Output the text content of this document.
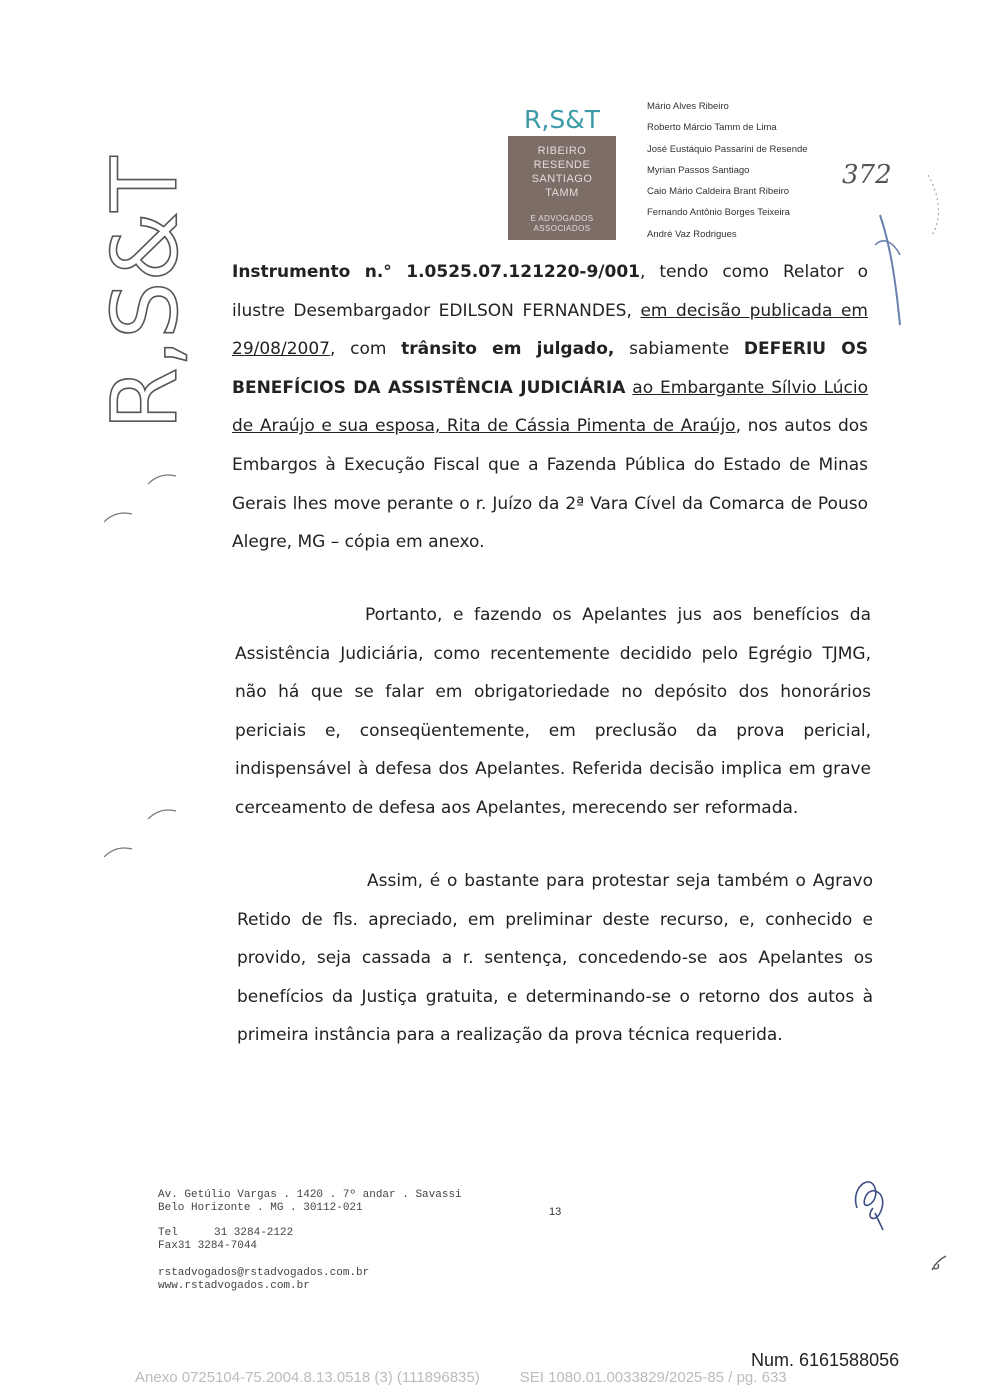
R,S&T
R,S&T
RIBEIRO
RESENDE
SANTIAGO
TAMM
E ADVOGADOS
ASSOCIADOS
Mário Alves Ribeiro
Roberto Márcio Tamm de Lima
José Eustáquio Passarini de Resende
Myrian Passos Santiago
Caio Mário Caldeira Brant Ribeiro
Fernando Antônio Borges Teixeira
André Vaz Rodrigues
372
Instrumento n.° 1.0525.07.121220-9/001, tendo como Relator o ilustre Desembargador EDILSON FERNANDES, em decisão publicada em 29/08/2007, com trânsito em julgado, sabiamente DEFERIU OS BENEFÍCIOS DA ASSISTÊNCIA JUDICIÁRIA ao Embargante Sílvio Lúcio de Araújo e sua esposa, Rita de Cássia Pimenta de Araújo, nos autos dos Embargos à Execução Fiscal que a Fazenda Pública do Estado de Minas Gerais lhes move perante o r. Juízo da 2ª Vara Cível da Comarca de Pouso Alegre, MG – cópia em anexo.
Portanto, e fazendo os Apelantes jus aos benefícios da Assistência Judiciária, como recentemente decidido pelo Egrégio TJMG, não há que se falar em obrigatoriedade no depósito dos honorários periciais e, conseqüentemente, em preclusão da prova pericial, indispensável à defesa dos Apelantes. Referida decisão implica em grave cerceamento de defesa aos Apelantes, merecendo ser reformada.
Assim, é o bastante para protestar seja também o Agravo Retido de fls. apreciado, em preliminar deste recurso, e, conhecido e provido, seja cassada a r. sentença, concedendo-se aos Apelantes os benefícios da Justiça gratuita, e determinando-se o retorno dos autos à primeira instância para a realização da prova técnica requerida.
Av. Getúlio Vargas . 1420 . 7º andar . Savassi
Belo Horizonte . MG . 30112-021
Tel	31 3284-2122
Fax31 3284-7044
rstadvogados@rstadvogados.com.br
www.rstadvogados.com.br
13
Num. 6161588056
Anexo 0725104-75.2004.8.13.0518 (3) (111896835)	SEI 1080.01.0033829/2025-85 / pg. 633
